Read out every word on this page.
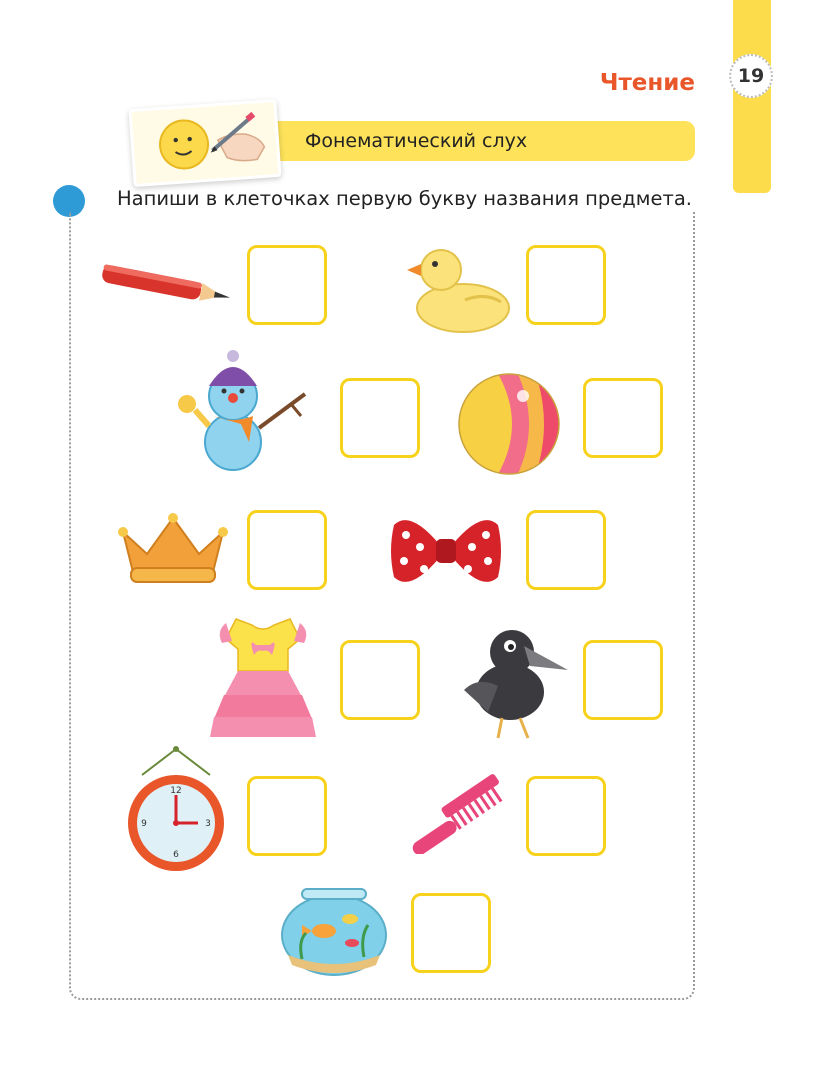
19
Чтение
Фонематический слух
Напиши в клеточках первую букву названия предмета.
12
3
6
9
